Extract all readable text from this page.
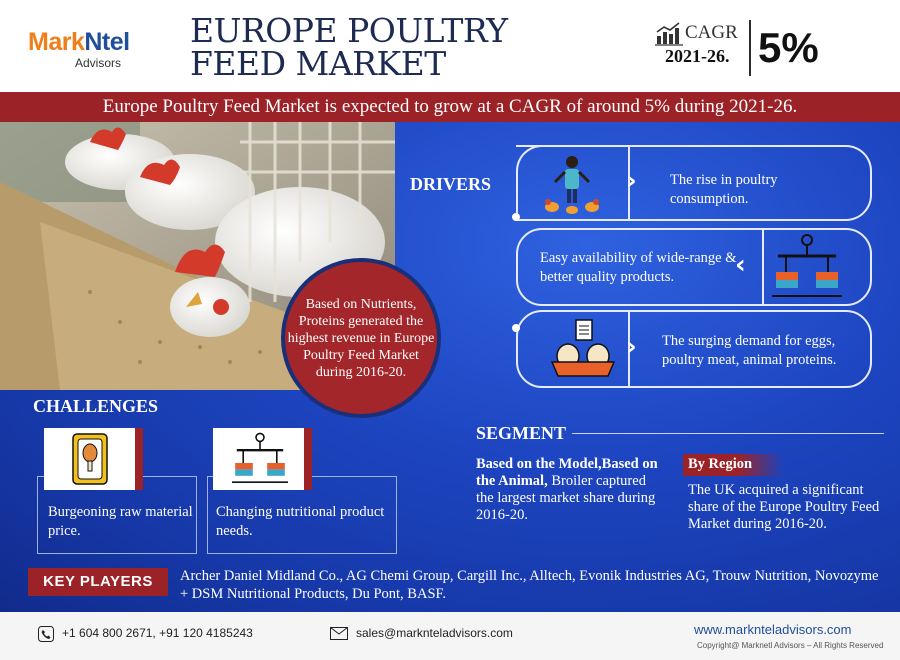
MarkNtel
Advisors
EUROPE POULTRY FEED MARKET
CAGR
2021-26. 5%
Europe Poultry Feed Market is expected to grow at a CAGR of around 5% during 2021-26.
Based on Nutrients, Proteins generated the highest revenue in Europe Poultry Feed Market during 2016-20.
DRIVERS	› The rise in poultry consumption.
›
Easy availability of wide-range & better quality products.
› The surging demand for eggs, poultry meat, animal proteins.
CHALLENGES
Burgeoning raw material price.
Changing nutritional product needs.
SEGMENT
Based on the Model,Based on the Animal, Broiler captured the largest market share during 2016-20.
By Region
The UK acquired a significant share of the Europe Poultry Feed Market during 2016-20.
KEY PLAYERS	Archer Daniel Midland Co., AG Chemi Group, Cargill Inc., Alltech, Evonik Industries AG, Trouw Nutrition, Novozyme + DSM Nutritional Products, Du Pont, BASF.
+1 604 800 2671, +91 120 4185243	sales@marknteladvisors.com	www.marknteladvisors.com
Copyright@ Marknetl Advisors – All Rights Reserved
